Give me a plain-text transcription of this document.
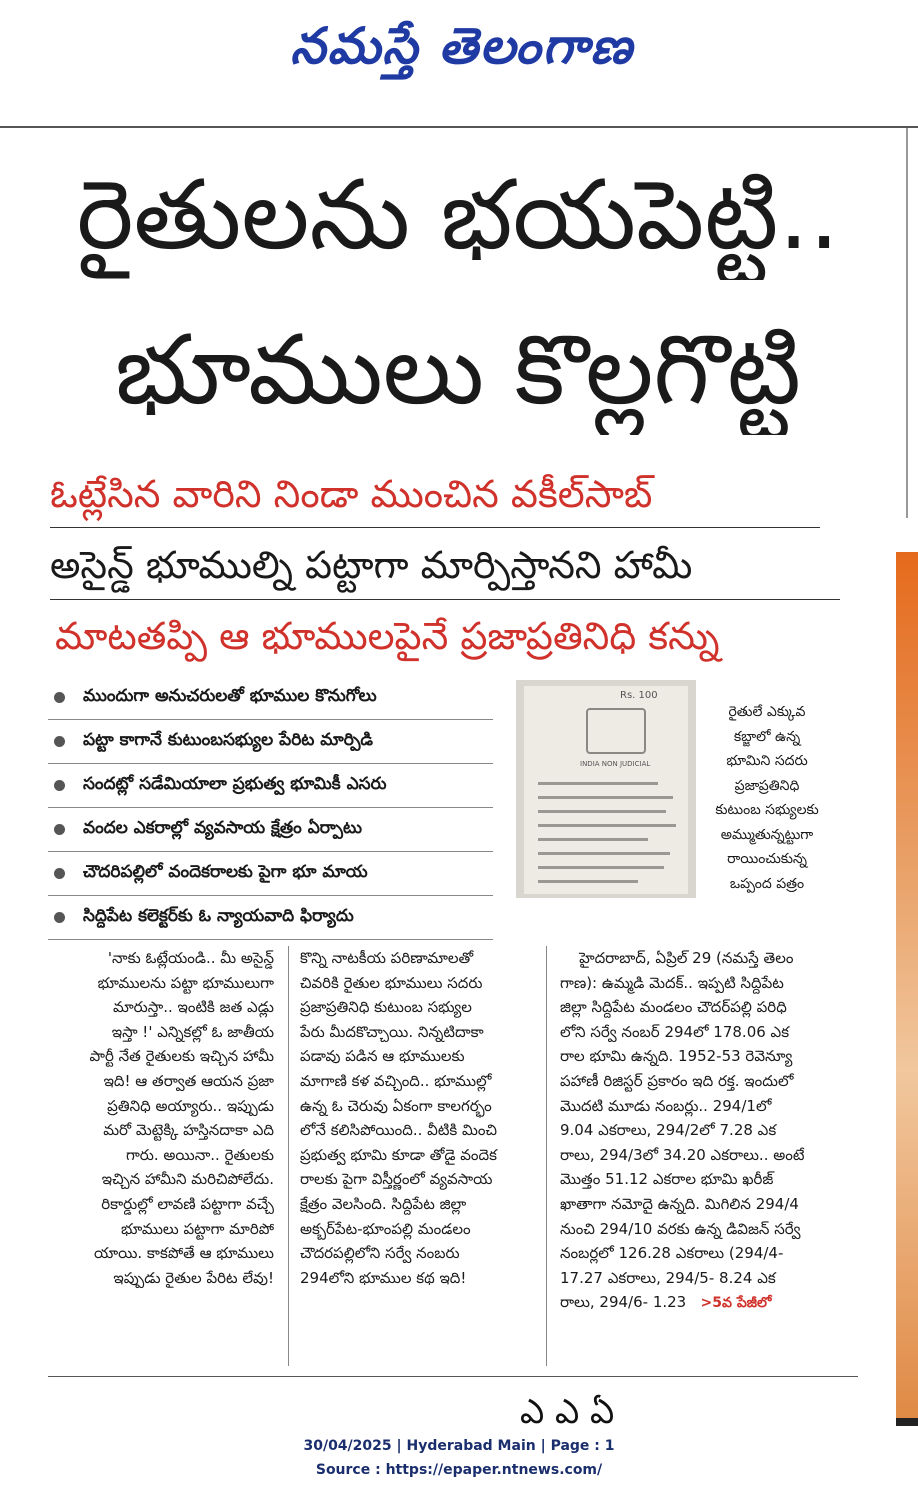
నమస్తే తెలంగాణ
రైతులను భయపెట్టి..
భూములు కొల్లగొట్టి
ఓట్లేసిన వారిని నిండా ముంచిన వకీల్‌సాబ్
అసైన్డ్ భూముల్ని పట్టాగా మార్పిస్తానని హామీ
మాటతప్పి ఆ భూములపైనే ప్రజాప్రతినిధి కన్ను
ముందుగా అనుచరులతో భూముల కొనుగోలు
పట్టా కాగానే కుటుంబసభ్యుల పేరిట మార్పిడి
సందట్లో సడేమియాలా ప్రభుత్వ భూమికీ ఎసరు
వందల ఎకరాల్లో వ్యవసాయ క్షేత్రం ఏర్పాటు
చౌదరిపల్లిలో వందెకరాలకు పైగా భూ మాయ
సిద్దిపేట కలెక్టర్‌కు ఓ న్యాయవాది ఫిర్యాదు
Rs. 100
INDIA NON JUDICIAL

రైతులే ఎక్కువ

కబ్జాలో ఉన్న

భూమిని సదరు

ప్రజాప్రతినిధి

కుటుంబ సభ్యులకు

అమ్ముతున్నట్టుగా

రాయించుకున్న

ఒప్పంద పత్రం

'నాకు ఓట్లేయండి.. మీ అసైన్డ్

భూములను పట్టా భూములుగా

మారుస్తా.. ఇంటికి జత ఎడ్లు

ఇస్తా !' ఎన్నికల్లో ఓ జాతీయ

పార్టీ నేత రైతులకు ఇచ్చిన హామీ

ఇది! ఆ తర్వాత ఆయన ప్రజా

ప్రతినిధి అయ్యారు.. ఇప్పుడు

మరో మెట్టెక్కి హస్తినదాకా ఎది

గారు. అయినా.. రైతులకు

ఇచ్చిన హామీని మరిచిపోలేదు.

రికార్డుల్లో లావణి పట్టాగా వచ్చే

భూములు పట్టాగా మారిపో

యాయి. కాకపోతే ఆ భూములు

ఇప్పుడు రైతుల పేరిట లేవు!

కొన్ని నాటకీయ పరిణామాలతో

చివరికి రైతుల భూములు సదరు

ప్రజాప్రతినిధి కుటుంబ సభ్యుల

పేరు మీదకొచ్చాయి. నిన్నటిదాకా

పడావు పడిన ఆ భూములకు

మాగాణి కళ వచ్చింది.. భూముల్లో

ఉన్న ఓ చెరువు ఏకంగా కాలగర్భం

లోనే కలిసిపోయింది.. వీటికి మించి

ప్రభుత్వ భూమి కూడా తోడై వందెక

రాలకు పైగా విస్తీర్ణంలో వ్యవసాయ

క్షేత్రం వెలసింది. సిద్దిపేట జిల్లా

అక్బర్‌పేట-భూంపల్లి మండలం

చౌదరపల్లిలోని సర్వే నంబరు

294లోని భూముల కథ ఇది!

హైదరాబాద్, ఏప్రిల్ 29 (నమస్తే తెలం

గాణ): ఉమ్మడి మెదక్.. ఇప్పటి సిద్దిపేట

జిల్లా సిద్దిపేట మండలం చౌదర్‌పల్లి పరిధి

లోని సర్వే నంబర్ 294లో 178.06 ఎక

రాల భూమి ఉన్నది. 1952-53 రెవెన్యూ

పహాణీ రిజిస్టర్ ప్రకారం ఇది రక్త. ఇందులో

మొదటి మూడు నంబర్లు.. 294/1లో

9.04 ఎకరాలు, 294/2లో 7.28 ఎక

రాలు, 294/3లో 34.20 ఎకరాలు.. అంటే

మొత్తం 51.12 ఎకరాల భూమి ఖరీజ్

ఖాతాగా నమోదై ఉన్నది. మిగిలిన 294/4

నుంచి 294/10 వరకు ఉన్న డివిజన్ సర్వే

నంబర్లలో 126.28 ఎకరాలు (294/4-

17.27 ఎకరాలు, 294/5- 8.24 ఎక

రాలు, 294/6- 1.23 >5వ పేజీలో

ఎ ఎ ఏ
30/04/2025 | Hyderabad Main | Page : 1
Source : https://epaper.ntnews.com/
